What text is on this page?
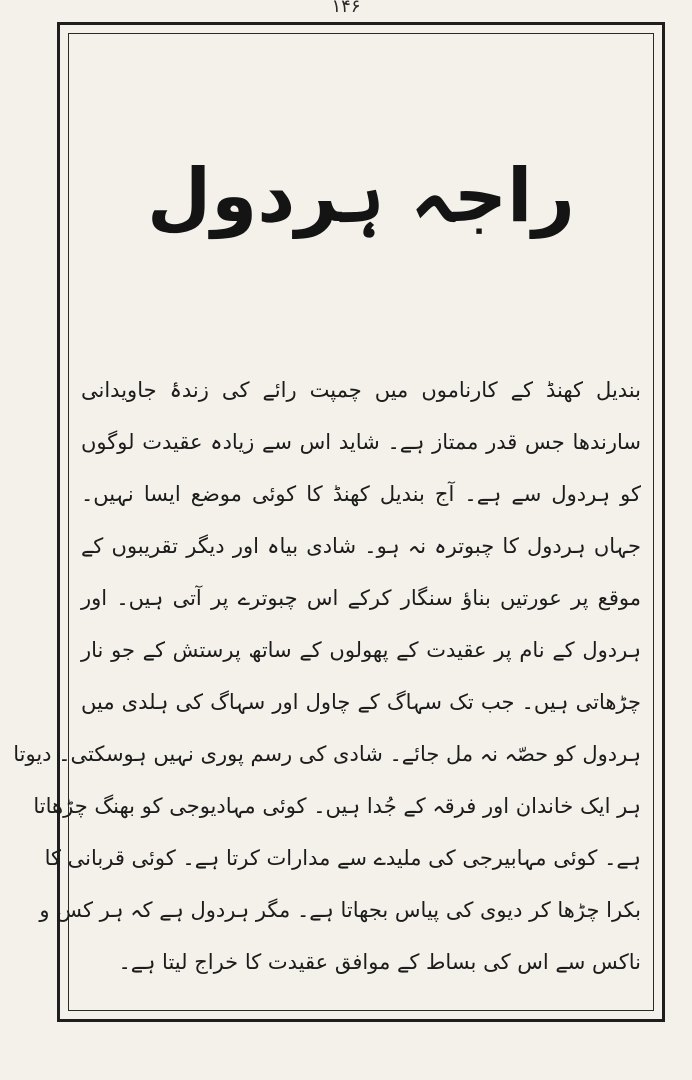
۱۴۶
راجہ ہردول
بندیل کھنڈ کے کارناموں میں چمپت رائے کی زندۂ جاویدانی
سارندھا جس قدر ممتاز ہے۔ شاید اس سے زیادہ عقیدت لوگوں
کو ہردول سے ہے۔ آج بندیل کھنڈ کا کوئی موضع ایسا نہیں۔
جہاں ہردول کا چبوترہ نہ ہو۔ شادی بیاہ اور دیگر تقریبوں کے
موقع پر عورتیں بناؤ سنگار کرکے اس چبوترے پر آتی ہیں۔ اور
ہردول کے نام پر عقیدت کے پھولوں کے ساتھ پرستش کے جو نار
چڑھاتی ہیں۔ جب تک سہاگ کے چاول اور سہاگ کی ہلدی میں
ہردول کو حصّہ نہ مل جائے۔ شادی کی رسم پوری نہیں ہوسکتی۔ دیوتا
ہر ایک خاندان اور فرقہ کے جُدا ہیں۔ کوئی مہادیوجی کو بھنگ چڑھاتا
ہے۔ کوئی مہابیرجی کی ملیدے سے مدارات کرتا ہے۔ کوئی قربانی کا
بکرا چڑھا کر دیوی کی پیاس بجھاتا ہے۔ مگر ہردول ہے کہ ہر کس و
ناکس سے اس کی بساط کے موافق عقیدت کا خراج لیتا ہے۔
